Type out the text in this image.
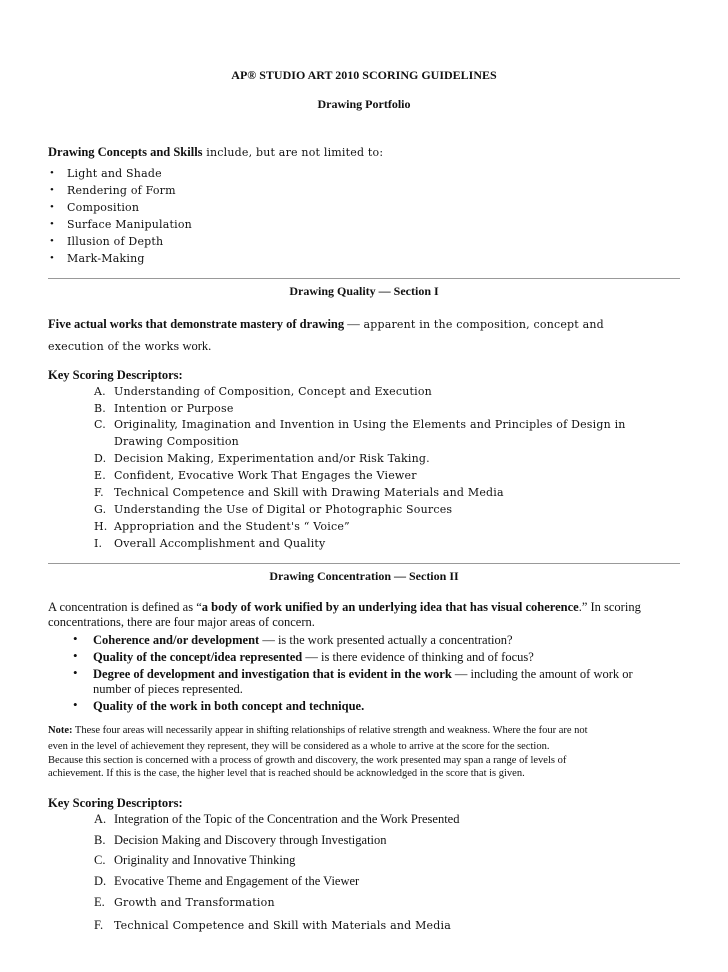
AP® STUDIO ART 2010 SCORING GUIDELINES
Drawing Portfolio
Drawing Concepts and Skills include, but are not limited to:
• Light and Shade
• Rendering of Form
• Composition
• Surface Manipulation
• Illusion of Depth
• Mark-Making
Drawing Quality — Section I
Five actual works that demonstrate mastery of drawing — apparent in the composition, concept and
execution of the works work.
Key Scoring Descriptors:
A. Understanding of Composition, Concept and Execution
B. Intention or Purpose
C. Originality, Imagination and Invention in Using the Elements and Principles of Design in
Drawing Composition
D. Decision Making, Experimentation and/or Risk Taking.
E. Confident, Evocative Work That Engages the Viewer
F. Technical Competence and Skill with Drawing Materials and Media
G. Understanding the Use of Digital or Photographic Sources
H. Appropriation and the Student's “ Voice”
I.	Overall Accomplishment and Quality
Drawing Concentration — Section II
A concentration is defined as “a body of work unified by an underlying idea that has visual coherence.” In scoring
concentrations, there are four major areas of concern.
• Coherence and/or development — is the work presented actually a concentration?
• Quality of the concept/idea represented — is there evidence of thinking and of focus?
• Degree of development and investigation that is evident in the work — including the amount of work or
number of pieces represented.
• Quality of the work in both concept and technique.
Note: These four areas will necessarily appear in shifting relationships of relative strength and weakness. Where the four are not
even in the level of achievement they represent, they will be considered as a whole to arrive at the score for the section.
Because this section is concerned with a process of growth and discovery, the work presented may span a range of levels of
achievement. If this is the case, the higher level that is reached should be acknowledged in the score that is given.
Key Scoring Descriptors:
A. Integration of the Topic of the Concentration and the Work Presented
B. Decision Making and Discovery through Investigation
C. Originality and Innovative Thinking
D. Evocative Theme and Engagement of the Viewer
E. Growth and Transformation
F. Technical Competence and Skill with Materials and Media
